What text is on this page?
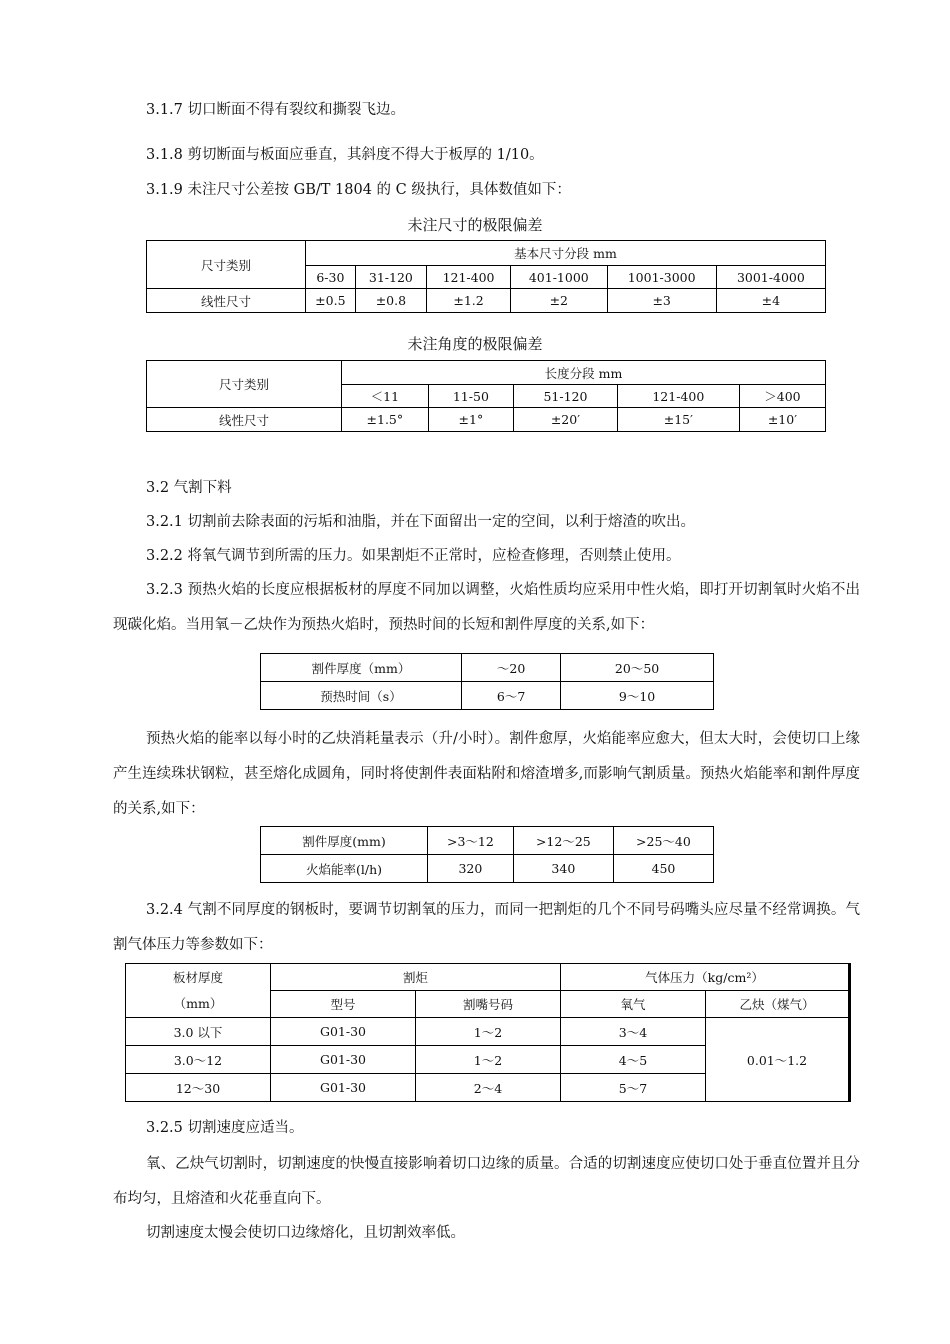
3.1.7 切口断面不得有裂纹和撕裂飞边。
3.1.8 剪切断面与板面应垂直，其斜度不得大于板厚的 1/10。
3.1.9 未注尺寸公差按 GB/T 1804 的 C 级执行，具体数值如下：
未注尺寸的极限偏差
尺寸类别	基本尺寸分段 mm					
	6-30	31-120	121-400	401-1000	1001-3000	3001-4000
线性尺寸	±0.5	±0.8	±1.2	±2	±3	±4
未注角度的极限偏差
尺寸类别	长度分段 mm				
	＜11	11-50	51-120	121-400	＞400
线性尺寸	±1.5°	±1°	±20′	±15′	±10′
3.2 气割下料
3.2.1 切割前去除表面的污垢和油脂，并在下面留出一定的空间，以利于熔渣的吹出。
3.2.2 将氧气调节到所需的压力。如果割炬不正常时，应检查修理，否则禁止使用。
3.2.3 预热火焰的长度应根据板材的厚度不同加以调整，火焰性质均应采用中性火焰，即打开切割氧时火焰不出现碳化焰。当用氧－乙炔作为预热火焰时，预热时间的长短和割件厚度的关系,如下：
割件厚度（mm）	～20	20～50
预热时间（s）	6～7	9～10
预热火焰的能率以每小时的乙炔消耗量表示（升/小时）。割件愈厚，火焰能率应愈大，但太大时，会使切口上缘产生连续珠状钢粒，甚至熔化成圆角，同时将使割件表面粘附和熔渣增多,而影响气割质量。预热火焰能率和割件厚度的关系,如下：
割件厚度(mm)	>3～12	>12～25	>25～40
火焰能率(l/h)	320	340	450
3.2.4 气割不同厚度的钢板时，要调节切割氧的压力，而同一把割炬的几个不同号码嘴头应尽量不经常调换。气割气体压力等参数如下：
板材厚度
（mm）	割炬		气体压力（kg/cm²）	
	型号	割嘴号码	氧气	乙炔（煤气）
3.0 以下	G01-30	1～2	3～4	0.01～1.2
3.0～12	G01-30	1～2	4～5	
12～30	G01-30	2～4	5～7	
3.2.5 切割速度应适当。
氧、乙炔气切割时，切割速度的快慢直接影响着切口边缘的质量。合适的切割速度应使切口处于垂直位置并且分布均匀，且熔渣和火花垂直向下。
切割速度太慢会使切口边缘熔化，且切割效率低。
